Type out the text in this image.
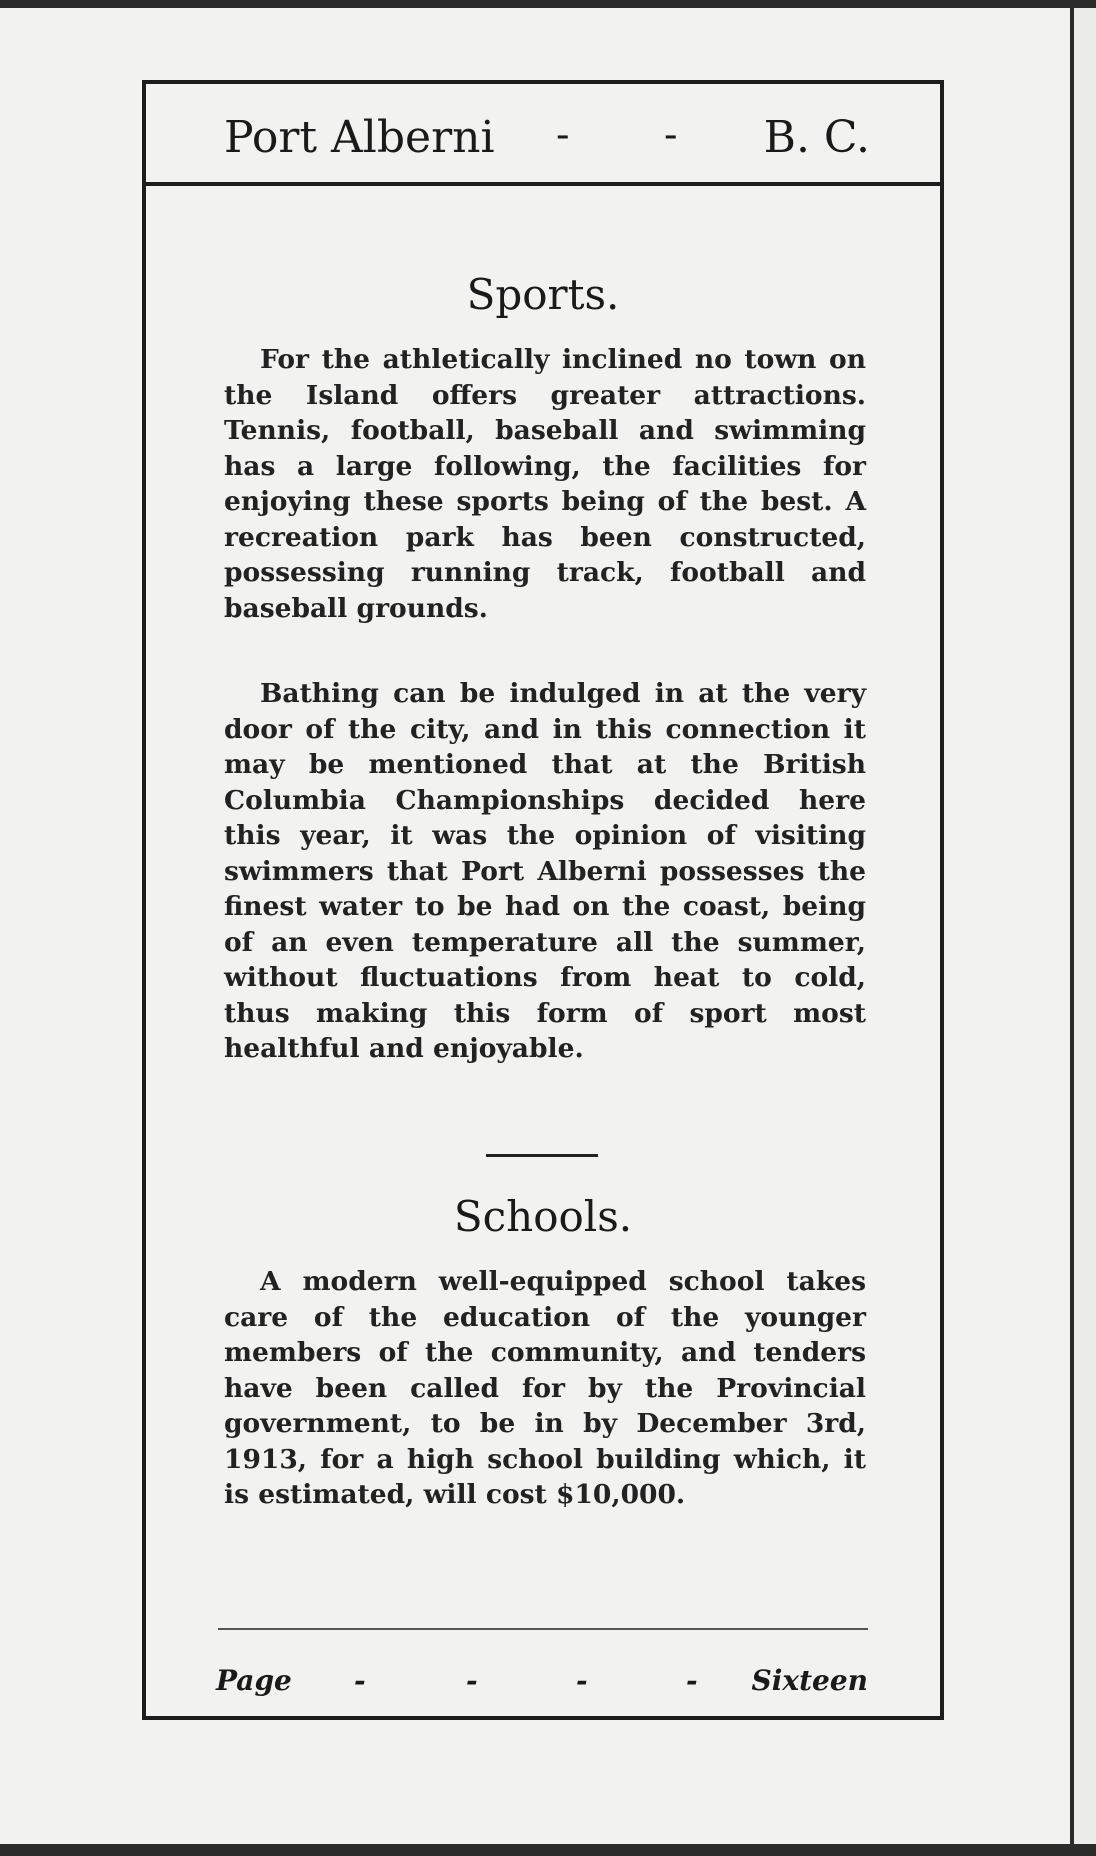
Port Alberni - - B. C.
Sports.

For the athletically inclined no town on the Island offers greater attractions. Tennis, football, baseball and swimming has a large following, the facilities for enjoying these sports being of the best. A recreation park has been constructed, possessing running track, football and baseball grounds.

Bathing can be indulged in at the very door of the city, and in this connection it may be mentioned that at the British Columbia Championships decided here this year, it was the opinion of visiting swimmers that Port Alberni possesses the finest water to be had on the coast, being of an even temperature all the summer, without fluctuations from heat to cold, thus making this form of sport most healthful and enjoyable.

Schools.

A modern well-equipped school takes care of the education of the younger members of the community, and tenders have been called for by the Provincial government, to be in by December 3rd, 1913, for a high school building which, it is estimated, will cost $10,000.

Page -	-	-	- Sixteen
